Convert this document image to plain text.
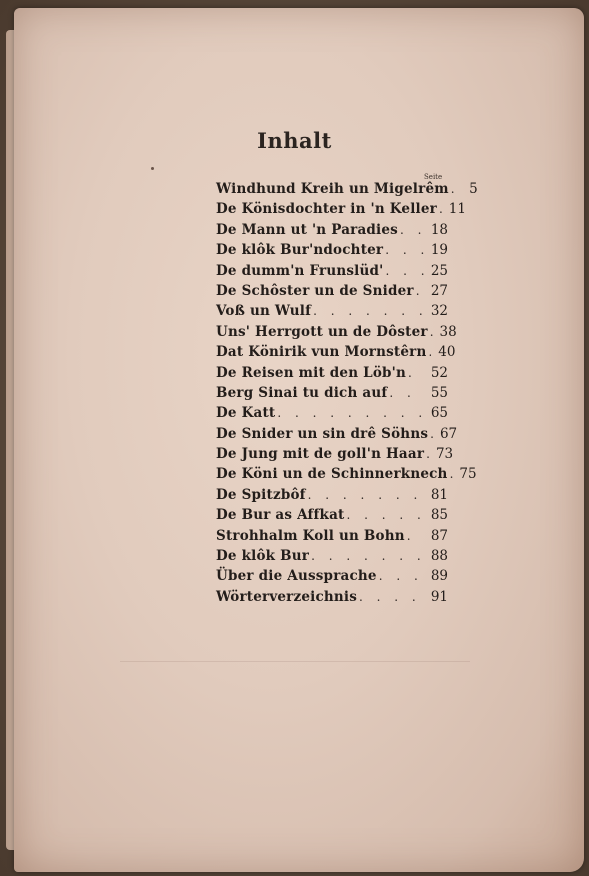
Inhalt
Seite
Windhund Kreih un Migelrêm . . .	5
De Könisdochter in 'n Keller . . . 11
De Mann ut 'n Paradies . . .	18
De klôk Bur'ndochter . . .	19
De dumm'n Frunslüd' . . .	25
De Schôster un de Snider . . .	27
Voß un Wulf . . .	32
Uns' Herrgott un de Dôster . . . 38
Dat Könirik vun Mornstêrn . . . 40
De Reisen mit den Löb'n . . .	52
Berg Sinai tu dich auf . . .	55
De Katt . . .	65
De Snider un sin drê Söhns . . . 67
De Jung mit de goll'n Haar . . . 73
De Köni un de Schinnerknech . . . 75
De Spitzbôf . . .	81
De Bur as Affkat . . .	85
Strohhalm Koll un Bohn . . .	87
De klôk Bur . . .	88
Über die Aussprache . . .	89
Wörterverzeichnis . . .	91
